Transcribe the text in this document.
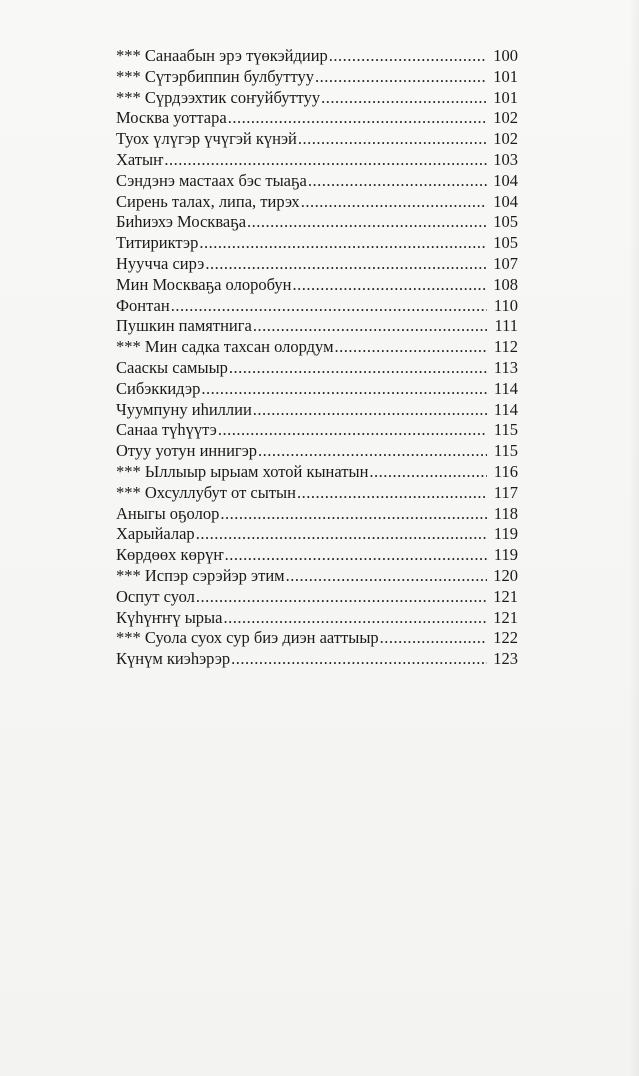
*** Санаабын эрэ түөкэйдиир .....	100
*** Сүтэрбиппин булбуттуу .....	101
*** Сүрдээхтик соҥуйбуттуу .....	101
Москва уоттара .....	102
Туох үлүгэр үчүгэй күнэй .....	102
Хатыҥ .....	103
Сэндэнэ мастаах бэс тыаҕа .....	104
Сирень талах, липа, тирэх .....	104
Биһиэхэ Москваҕа .....	105
Титириктэр .....	105
Нуучча сирэ .....	107
Мин Москваҕа олоробун .....	108
Фонтан .....	110
Пушкин памятнига .....	111
*** Мин садка тахсан олордум .....	112
Сааскы самыыр .....	113
Сибэккидэр .....	114
Чуумпуну иһиллии .....	114
Санаа түһүүтэ .....	115
Отуу уотун иннигэр .....	115
*** Ыллыыр ырыам хотой кынатын .....	116
*** Охсуллубут от сытын .....	117
Аныгы оҕолор .....	118
Харыйалар .....	119
Көрдөөх көрүҥ .....	119
*** Испэр сэрэйэр этим .....	120
Оспут суол .....	121
Күһүҥҥү ырыа .....	121
*** Суола суох сур биэ диэн ааттыыр .....	122
Күнүм киэһэрэр .....	123
